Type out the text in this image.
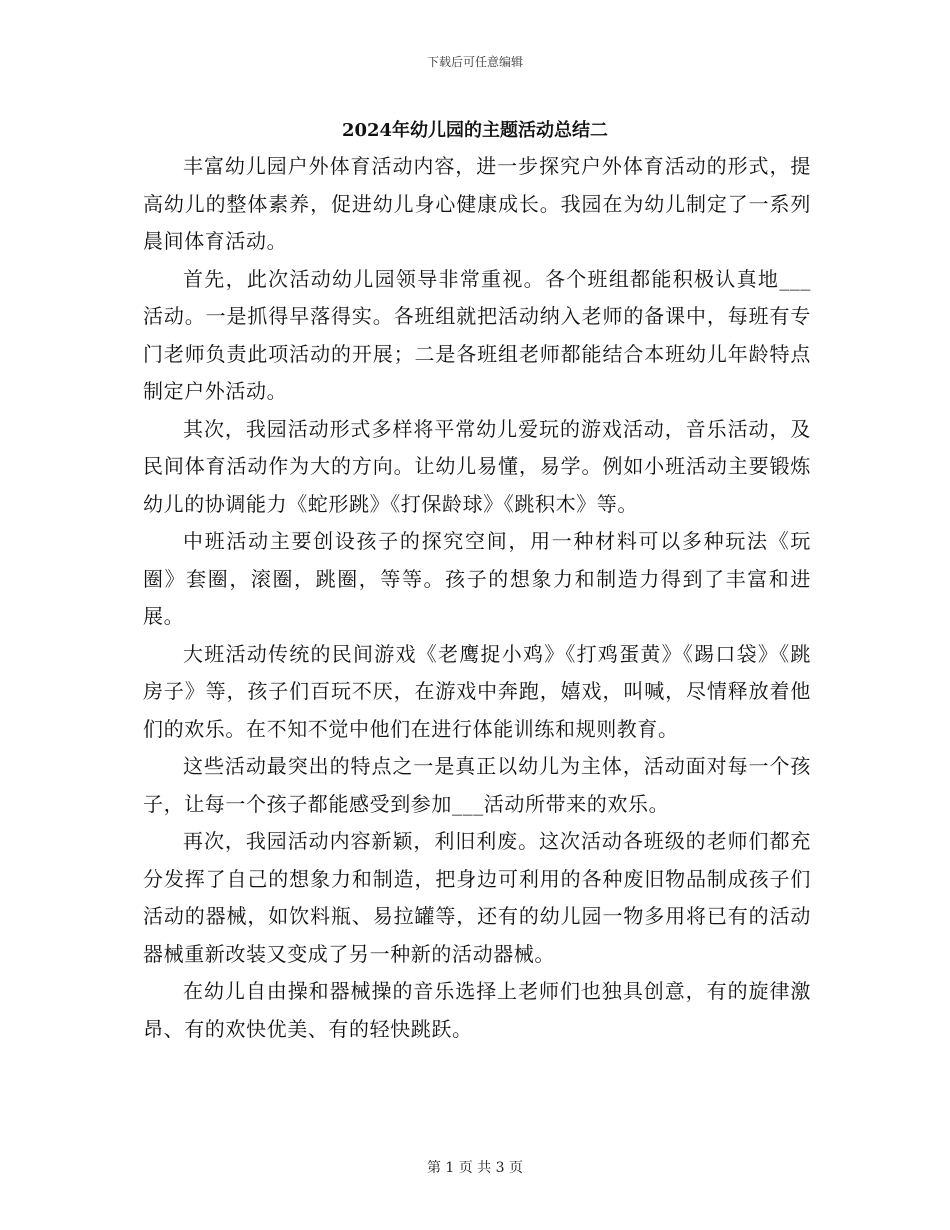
下载后可任意编辑
2024年幼儿园的主题活动总结二

丰富幼儿园户外体育活动内容，进一步探究户外体育活动的形式，提高幼儿的整体素养，促进幼儿身心健康成长。我园在为幼儿制定了一系列晨间体育活动。

首先，此次活动幼儿园领导非常重视。各个班组都能积极认真地___活动。一是抓得早落得实。各班组就把活动纳入老师的备课中，每班有专门老师负责此项活动的开展；二是各班组老师都能结合本班幼儿年龄特点制定户外活动。

其次，我园活动形式多样将平常幼儿爱玩的游戏活动，音乐活动，及民间体育活动作为大的方向。让幼儿易懂，易学。例如小班活动主要锻炼幼儿的协调能力《蛇形跳》《打保龄球》《跳积木》等。

中班活动主要创设孩子的探究空间，用一种材料可以多种玩法《玩圈》套圈，滚圈，跳圈，等等。孩子的想象力和制造力得到了丰富和进展。

大班活动传统的民间游戏《老鹰捉小鸡》《打鸡蛋黄》《踢口袋》《跳房子》等，孩子们百玩不厌，在游戏中奔跑，嬉戏，叫喊，尽情释放着他们的欢乐。在不知不觉中他们在进行体能训练和规则教育。

这些活动最突出的特点之一是真正以幼儿为主体，活动面对每一个孩子，让每一个孩子都能感受到参加___活动所带来的欢乐。

再次，我园活动内容新颖，利旧利废。这次活动各班级的老师们都充分发挥了自己的想象力和制造，把身边可利用的各种废旧物品制成孩子们活动的器械，如饮料瓶、易拉罐等，还有的幼儿园一物多用将已有的活动器械重新改装又变成了另一种新的活动器械。

在幼儿自由操和器械操的音乐选择上老师们也独具创意，有的旋律激昂、有的欢快优美、有的轻快跳跃。

第 1 页 共 3 页
